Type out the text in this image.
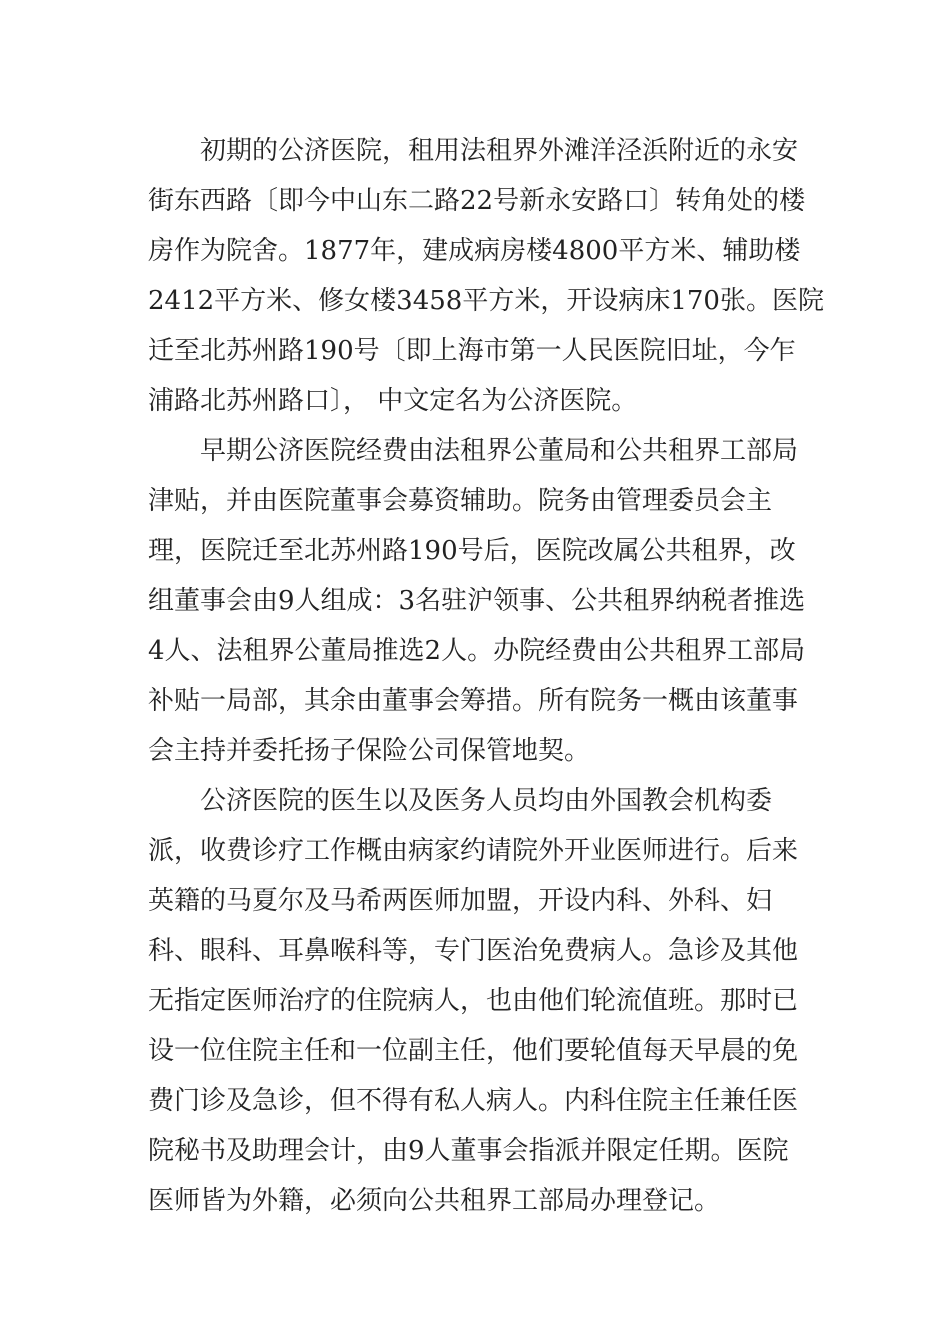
初期的公济医院，租用法租界外滩洋泾浜附近的永安
街东西路〔即今中山东二路22号新永安路口〕转角处的楼
房作为院舍。1877年，建成病房楼4800平方米、辅助楼
2412平方米、修女楼3458平方米，开设病床170张。医院
迁至北苏州路190号〔即上海市第一人民医院旧址，今乍
浦路北苏州路口〕， 中文定名为公济医院。
早期公济医院经费由法租界公董局和公共租界工部局
津贴，并由医院董事会募资辅助。院务由管理委员会主
理，医院迁至北苏州路190号后，医院改属公共租界，改
组董事会由9人组成：3名驻沪领事、公共租界纳税者推选
4人、法租界公董局推选2人。办院经费由公共租界工部局
补贴一局部，其余由董事会筹措。所有院务一概由该董事
会主持并委托扬子保险公司保管地契。
公济医院的医生以及医务人员均由外国教会机构委
派，收费诊疗工作概由病家约请院外开业医师进行。后来
英籍的马夏尔及马希两医师加盟，开设内科、外科、妇
科、眼科、耳鼻喉科等，专门医治免费病人。急诊及其他
无指定医师治疗的住院病人，也由他们轮流值班。那时已
设一位住院主任和一位副主任，他们要轮值每天早晨的免
费门诊及急诊，但不得有私人病人。内科住院主任兼任医
院秘书及助理会计，由9人董事会指派并限定任期。医院
医师皆为外籍，必须向公共租界工部局办理登记。
